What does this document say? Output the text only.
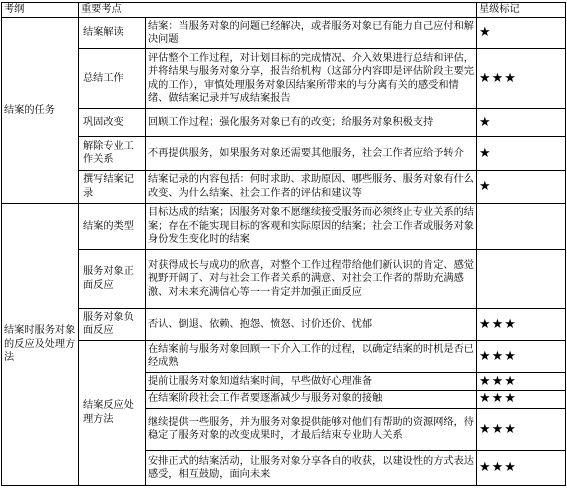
考纲	重要考点		星级标记
结案的任务	结案解读	结案：当服务对象的问题已经解决，或者服务对象已有能力自己应付和解决问题	★
	总结工作	评估整个工作过程，对计划目标的完成情况、介入效果进行总结和评估，并将结果与服务对象分享，报告给机构（这部分内容即是评估阶段主要完成的工作），审慎处理服务对象因结案所带来的与分离有关的感受和情绪、做结案记录并写成结案报告	★★★
	巩固改变	回顾工作过程；强化服务对象已有的改变；给服务对象积极支持	★
	解除专业工作关系	不再提供服务，如果服务对象还需要其他服务，社会工作者应给予转介	★
	撰写结案记录	结案记录的内容包括：何时求助、求助原因、哪些服务、服务对象有什么改变、为什么结案、社会工作者的评估和建议等	★
结案时服务对象的反应及处理方法	结案的类型	目标达成的结案；因服务对象不愿继续接受服务而必须终止专业关系的结案；存在不能实现目标的客观和实际原因的结案；社会工作者或服务对象身份发生变化时的结案	
	服务对象正面反应	对获得成长与成功的欣喜，对整个工作过程带给他们新认识的肯定、感觉视野开阔了、对与社会工作者关系的满意、对社会工作者的帮助充满感激、对未来充满信心等一一肯定并加强正面反应	
	服务对象负面反应	否认、倒退、依赖、抱怨、愤怒、讨价还价、忧郁	★★★
	结案反应处理方法	在结案前与服务对象回顾一下介入工作的过程，以确定结案的时机是否已经成熟	★★★
		提前让服务对象知道结案时间，早些做好心理准备	★★★
		在结案阶段社会工作者要逐渐减少与服务对象的接触	★★★
		继续提供一些服务，并为服务对象提供能够对他们有帮助的资源网络，待稳定了服务对象的改变成果时，才最后结束专业助人关系	★★★
		安排正式的结案活动，让服务对象分享各自的收获，以建设性的方式表达感受，相互鼓励，面向未来	★★★
